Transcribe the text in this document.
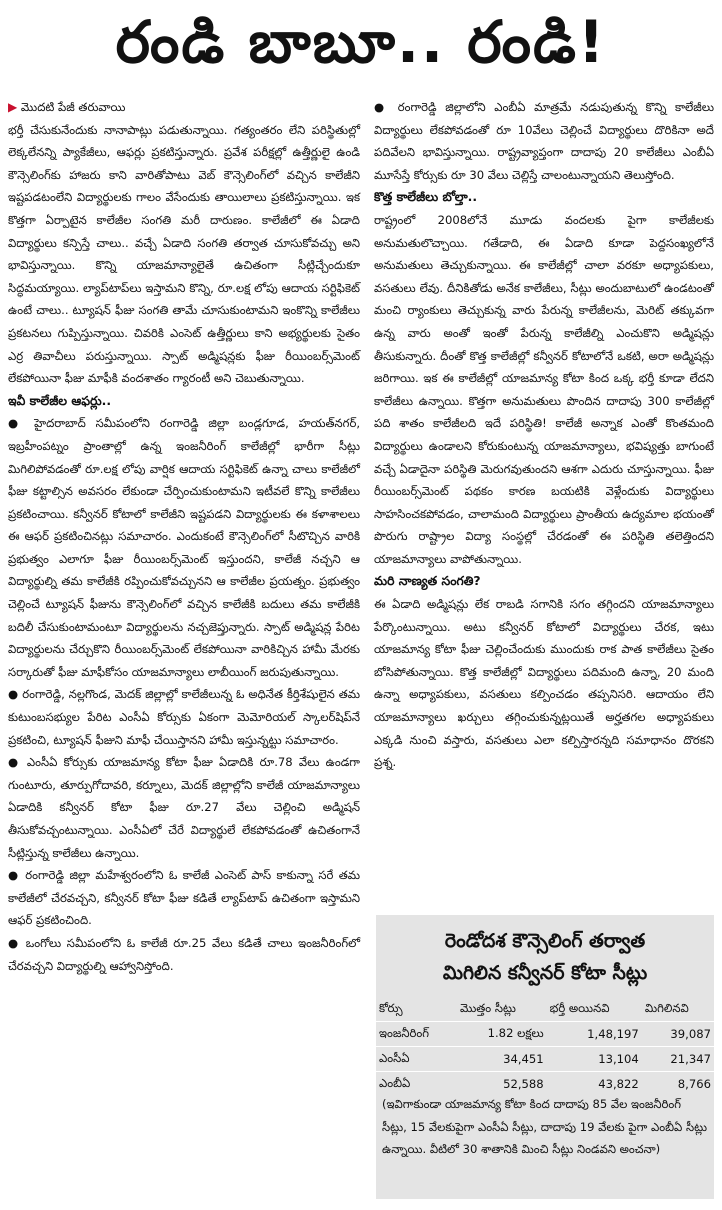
రండి బాబూ.. రండి!

▶ మొదటి పేజీ తరువాయి

భర్తీ చేసుకునేందుకు నానాపాట్లు పడుతున్నాయి. గత్యంతరం లేని పరిస్థితుల్లో లెక్కలేనన్ని ప్యాకేజీలు, ఆఫర్లు ప్రకటిస్తున్నారు. ప్రవేశ పరీక్షల్లో ఉత్తీర్ణులై ఉండి కౌన్సెలింగ్‌కు హాజరు కాని వారితోపాటు వెబ్ కౌన్సెలింగ్‌లో వచ్చిన కాలేజీని ఇష్టపడటంలేని విద్యార్థులకు గాలం వేసేందుకు తాయిలాలు ప్రకటిస్తున్నాయి. ఇక కొత్తగా ఏర్పాటైన కాలేజీల సంగతి మరీ దారుణం. కాలేజీలో ఈ ఏడాది విద్యార్థులు కన్పిస్తే చాలు.. వచ్చే ఏడాది సంగతి తర్వాత చూసుకోవచ్చు అని భావిస్తున్నాయి. కొన్ని యాజమాన్యాలైతే ఉచితంగా సీట్లిచ్చేందుకూ సిద్ధమయ్యాయి. ల్యాప్‌టాప్‌లు ఇస్తామని కొన్ని, రూ.లక్ష లోపు ఆదాయ సర్టిఫికెట్ ఉంటే చాలు.. ట్యూషన్ ఫీజు సంగతి తామే చూసుకుంటామని ఇంకొన్ని కాలేజీలు ప్రకటనలు గుప్పిస్తున్నాయి. చివరికి ఎంసెట్ ఉత్తీర్ణులు కాని అభ్యర్థులకు సైతం ఎర్ర తివాచీలు పరుస్తున్నాయి. స్పాట్ అడ్మిషన్లకు ఫీజు రీయింబర్స్‌మెంట్ లేకపోయినా ఫీజు మాఫీకి వందశాతం గ్యారంటీ అని చెబుతున్నాయి.

ఇవీ కాలేజీల ఆఫర్లు..

● హైదరాబాద్ సమీపంలోని రంగారెడ్డి జిల్లా బండ్లగూడ, హయత్‌నగర్, ఇబ్రహీంపట్నం ప్రాంతాల్లో ఉన్న ఇంజనీరింగ్ కాలేజీల్లో భారీగా సీట్లు మిగిలిపోవడంతో రూ.లక్ష లోపు వార్షిక ఆదాయ సర్టిఫికెట్ ఉన్నా చాలు కాలేజీలో ఫీజు కట్టాల్సిన అవసరం లేకుండా చేర్పించుకుంటామని ఇటీవలే కొన్ని కాలేజీలు ప్రకటించాయి. కన్వీనర్ కోటాలో కాలేజీని ఇష్టపడని విద్యార్థులకు ఈ కళాశాలలు ఈ ఆఫర్ ప్రకటించినట్లు సమాచారం. ఎందుకంటే కౌన్సెలింగ్‌లో సీటొచ్చిన వారికి ప్రభుత్వం ఎలాగూ ఫీజు రీయింబర్స్‌మెంట్ ఇస్తుందని, కాలేజీ నచ్చని ఆ విద్యార్థుల్ని తమ కాలేజీకి రప్పించుకోవచ్చునని ఆ కాలేజీల ప్రయత్నం. ప్రభుత్వం చెల్లించే ట్యూషన్ ఫీజును కౌన్సెలింగ్‌లో వచ్చిన కాలేజీకి బదులు తమ కాలేజీకి బదిలీ చేసుకుంటామంటూ విద్యార్థులను నచ్చజెప్తున్నారు. స్పాట్ అడ్మిషన్ల పేరిట విద్యార్థులను చేర్చుకొని రీయింబర్స్‌మెంట్ లేకపోయినా వారికిచ్చిన హామీ మేరకు సర్కారుతో ఫీజు మాఫీకోసం యాజమాన్యాలు లాబీయింగ్ జరుపుతున్నాయి.

● రంగారెడ్డి, నల్లగొండ, మెదక్ జిల్లాల్లో కాలేజీలున్న ఓ అధినేత కీర్తిశేషులైన తమ కుటుంబసభ్యుల పేరిట ఎంసీఏ కోర్సుకు ఏకంగా మెమోరియల్ స్కాలర్‌షిప్‌నే ప్రకటించి, ట్యూషన్ ఫీజుని మాఫీ చేయిస్తానని హామీ ఇస్తున్నట్టు సమాచారం.

● ఎంసీఏ కోర్సుకు యాజమాన్య కోటా ఫీజు ఏడాదికి రూ.78 వేలు ఉండగా గుంటూరు, తూర్పుగోదావరి, కర్నూలు, మెదక్ జిల్లాల్లోని కాలేజీ యాజమాన్యాలు ఏడాదికి కన్వీనర్ కోటా ఫీజు రూ.27 వేలు చెల్లించి అడ్మిషన్ తీసుకోవచ్చంటున్నాయి. ఎంసీఏలో చేరే విద్యార్థులే లేకపోవడంతో ఉచితంగానే సీట్లిస్తున్న కాలేజీలు ఉన్నాయి.

● రంగారెడ్డి జిల్లా మహేశ్వరంలోని ఓ కాలేజీ ఎంసెట్ పాస్ కాకున్నా సరే తమ కాలేజీలో చేరవచ్చని, కన్వీనర్ కోటా ఫీజు కడితే ల్యాప్‌టాప్ ఉచితంగా ఇస్తామని ఆఫర్ ప్రకటించింది.

● ఒంగోలు సమీపంలోని ఓ కాలేజీ రూ.25 వేలు కడితే చాలు ఇంజనీరింగ్‌లో చేరవచ్చని విద్యార్థుల్ని ఆహ్వానిస్తోంది.

● రంగారెడ్డి జిల్లాలోని ఎంబీఏ మాత్రమే నడుపుతున్న కొన్ని కాలేజీలు విద్యార్థులు లేకపోవడంతో రూ 10వేలు చెల్లించే విద్యార్థులు దొరికినా అదే పదివేలని భావిస్తున్నాయి. రాష్ట్రవ్యాప్తంగా దాదాపు 20 కాలేజీలు ఎంబీఏ మూసేస్తే కోర్సుకు రూ 30 వేలు చెల్లిస్తే చాలంటున్నాయని తెలుస్తోంది.

కొత్త కాలేజీలు బోల్తా..

రాష్ట్రంలో 2008లోనే మూడు వందలకు పైగా కాలేజీలకు అనుమతులొచ్చాయి. గతేడాది, ఈ ఏడాది కూడా పెద్దసంఖ్యలోనే అనుమతులు తెచ్చుకున్నాయి. ఈ కాలేజీల్లో చాలా వరకూ అధ్యాపకులు, వసతులు లేవు. దీనికితోడు అనేక కాలేజీలు, సీట్లు అందుబాటులో ఉండటంతో మంచి ర్యాంకులు తెచ్చుకున్న వారు పేరున్న కాలేజీలను, మెరిట్ తక్కువగా ఉన్న వారు అంతో ఇంతో పేరున్న కాలేజీల్ని ఎంచుకొని అడ్మిషన్లు తీసుకున్నారు. దీంతో కొత్త కాలేజీల్లో కన్వీనర్ కోటాలోనే ఒకటి, అరా అడ్మిషన్లు జరిగాయి. ఇక ఈ కాలేజీల్లో యాజమాన్య కోటా కింద ఒక్క భర్తీ కూడా లేదని కాలేజీలు ఉన్నాయి. కొత్తగా అనుమతులు పొందిన దాదాపు 300 కాలేజీల్లో పది శాతం కాలేజీలది ఇదే పరిస్థితి! కాలేజీ అన్నాక ఎంతో కొంతమంది విద్యార్థులు ఉండాలని కోరుకుంటున్న యాజమాన్యాలు, భవిష్యత్తు బాగుంటే వచ్చే ఏడాదైనా పరిస్థితి మెరుగవుతుందని ఆశగా ఎదురు చూస్తున్నాయి. ఫీజు రీయింబర్స్‌మెంట్ పథకం కారణ బయటికి వెళ్లేందుకు విద్యార్థులు సాహసించకపోవడం, చాలామంది విద్యార్థులు ప్రాంతీయ ఉద్యమాల భయంతో పొరుగు రాష్ట్రాల విద్యా సంస్థల్లో చేరడంతో ఈ పరిస్థితి తలెత్తిందని యాజమాన్యాలు వాపోతున్నాయి.

మరి నాణ్యత సంగతి?

ఈ ఏడాది అడ్మిషన్లు లేక రాబడి సగానికి సగం తగ్గిందని యాజమాన్యాలు పేర్కొంటున్నాయి. అటు కన్వీనర్ కోటాలో విద్యార్థులు చేరక, ఇటు యాజమాన్య కోటా ఫీజు చెల్లించేందుకు ముందుకు రాక పాత కాలేజీలు సైతం బోసిపోతున్నాయి. కొత్త కాలేజీల్లో విద్యార్థులు పదిమంది ఉన్నా, 20 మంది ఉన్నా అధ్యాపకులు, వసతులు కల్పించడం తప్పనిసరి. ఆదాయం లేని యాజమాన్యాలు ఖర్చులు తగ్గించుకున్నట్లయితే అర్హతగల అధ్యాపకులు ఎక్కడి నుంచి వస్తారు, వసతులు ఎలా కల్పిస్తారన్నది సమాధానం దొరకని ప్రశ్న.

రెండోదశ కౌన్సెలింగ్ తర్వాత
మిగిలిన కన్వీనర్ కోటా సీట్లు
కోర్సు	మొత్తం సీట్లు	భర్తీ అయినవి	మిగిలినవి
ఇంజనీరింగ్	1.82 లక్షలు	1,48,197	39,087
ఎంసీఏ	34,451	13,104	21,347
ఎంబీఏ	52,588	43,822	8,766
(ఇవిగాకుండా యాజమాన్య కోటా కింద దాదాపు 85 వేల ఇంజనీరింగ్ సీట్లు, 15 వేలకుపైగా ఎంసీఏ సీట్లు, దాదాపు 19 వేలకు పైగా ఎంబీఏ సీట్లు ఉన్నాయి. వీటిలో 30 శాతానికి మించి సీట్లు నిండవని అంచనా)
